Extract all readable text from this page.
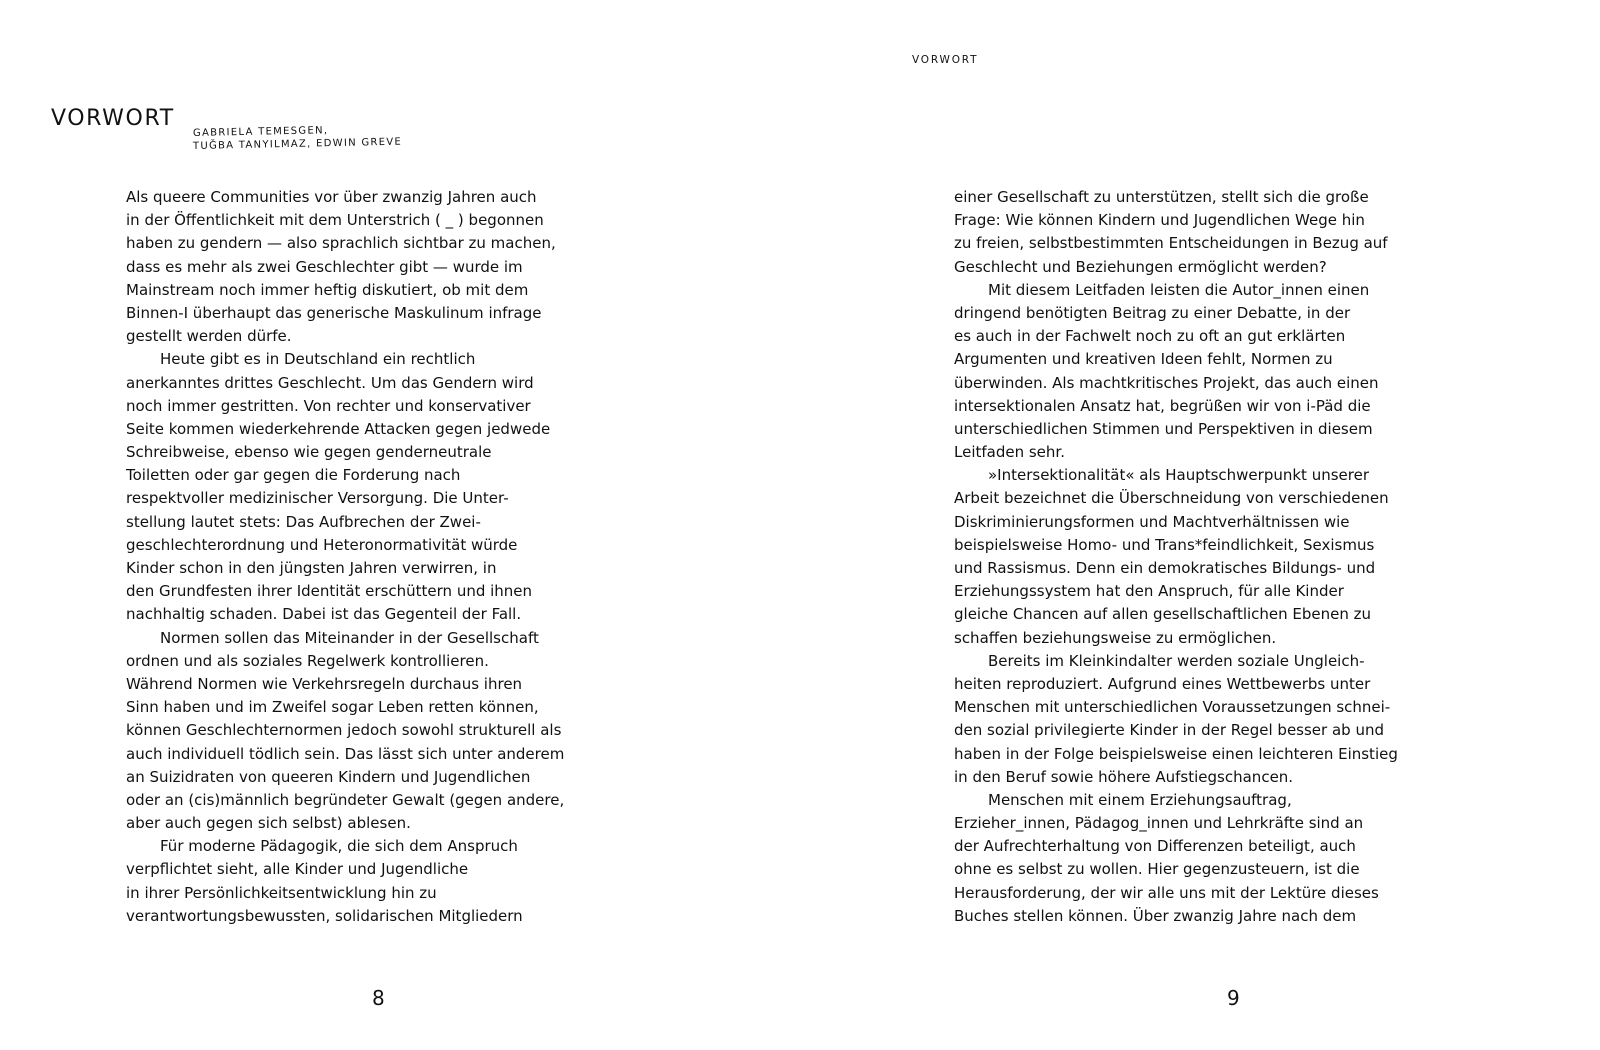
VORWORT
GABRIELA TEMESGEN,
TUĞBA TANYILMAZ, EDWIN GREVE
Als queere Communities vor über zwanzig Jahren auch
in der Öffentlichkeit mit dem Unterstrich ( _ ) begonnen
haben zu gendern — also sprachlich sichtbar zu machen,
dass es mehr als zwei Geschlechter gibt — wurde im
Mainstream noch immer heftig diskutiert, ob mit dem
Binnen-I überhaupt das generische Maskulinum infrage
gestellt werden dürfe.
Heute gibt es in Deutschland ein rechtlich
anerkanntes drittes Geschlecht. Um das Gendern wird
noch immer gestritten. Von rechter und konservativer
Seite kommen wiederkehrende Attacken gegen jedwede
Schreibweise, ebenso wie gegen genderneutrale
Toiletten oder gar gegen die Forderung nach
respektvoller medizinischer Versorgung. Die Unter-
stellung lautet stets: Das Aufbrechen der Zwei-
geschlechterordnung und Heteronormativität würde
Kinder schon in den jüngsten Jahren verwirren, in
den Grundfesten ihrer Identität erschüttern und ihnen
nachhaltig schaden. Dabei ist das Gegenteil der Fall.
Normen sollen das Miteinander in der Gesellschaft
ordnen und als soziales Regelwerk kontrollieren.
Während Normen wie Verkehrsregeln durchaus ihren
Sinn haben und im Zweifel sogar Leben retten können,
können Geschlechternormen jedoch sowohl strukturell als
auch individuell tödlich sein. Das lässt sich unter anderem
an Suizidraten von queeren Kindern und Jugendlichen
oder an (cis)männlich begründeter Gewalt (gegen andere,
aber auch gegen sich selbst) ablesen.
Für moderne Pädagogik, die sich dem Anspruch
verpflichtet sieht, alle Kinder und Jugendliche
in ihrer Persönlichkeitsentwicklung hin zu
verantwortungsbewussten, solidarischen Mitgliedern
8
VORWORT
einer Gesellschaft zu unterstützen, stellt sich die große
Frage: Wie können Kindern und Jugendlichen Wege hin
zu freien, selbstbestimmten Entscheidungen in Bezug auf
Geschlecht und Beziehungen ermöglicht werden?
Mit diesem Leitfaden leisten die Autor_innen einen
dringend benötigten Beitrag zu einer Debatte, in der
es auch in der Fachwelt noch zu oft an gut erklärten
Argumenten und kreativen Ideen fehlt, Normen zu
überwinden. Als machtkritisches Projekt, das auch einen
intersektionalen Ansatz hat, begrüßen wir von i-Päd die
unterschiedlichen Stimmen und Perspektiven in diesem
Leitfaden sehr.
»Intersektionalität« als Hauptschwerpunkt unserer
Arbeit bezeichnet die Überschneidung von verschiedenen
Diskriminierungsformen und Machtverhältnissen wie
beispielsweise Homo- und Trans*feindlichkeit, Sexismus
und Rassismus. Denn ein demokratisches Bildungs- und
Erziehungssystem hat den Anspruch, für alle Kinder
gleiche Chancen auf allen gesellschaftlichen Ebenen zu
schaffen beziehungsweise zu ermöglichen.
Bereits im Kleinkindalter werden soziale Ungleich-
heiten reproduziert. Aufgrund eines Wettbewerbs unter
Menschen mit unterschiedlichen Voraussetzungen schnei-
den sozial privilegierte Kinder in der Regel besser ab und
haben in der Folge beispielsweise einen leichteren Einstieg
in den Beruf sowie höhere Aufstiegschancen.
Menschen mit einem Erziehungsauftrag,
Erzieher_innen, Pädagog_innen und Lehrkräfte sind an
der Aufrechterhaltung von Differenzen beteiligt, auch
ohne es selbst zu wollen. Hier gegenzusteuern, ist die
Herausforderung, der wir alle uns mit der Lektüre dieses
Buches stellen können. Über zwanzig Jahre nach dem
9
